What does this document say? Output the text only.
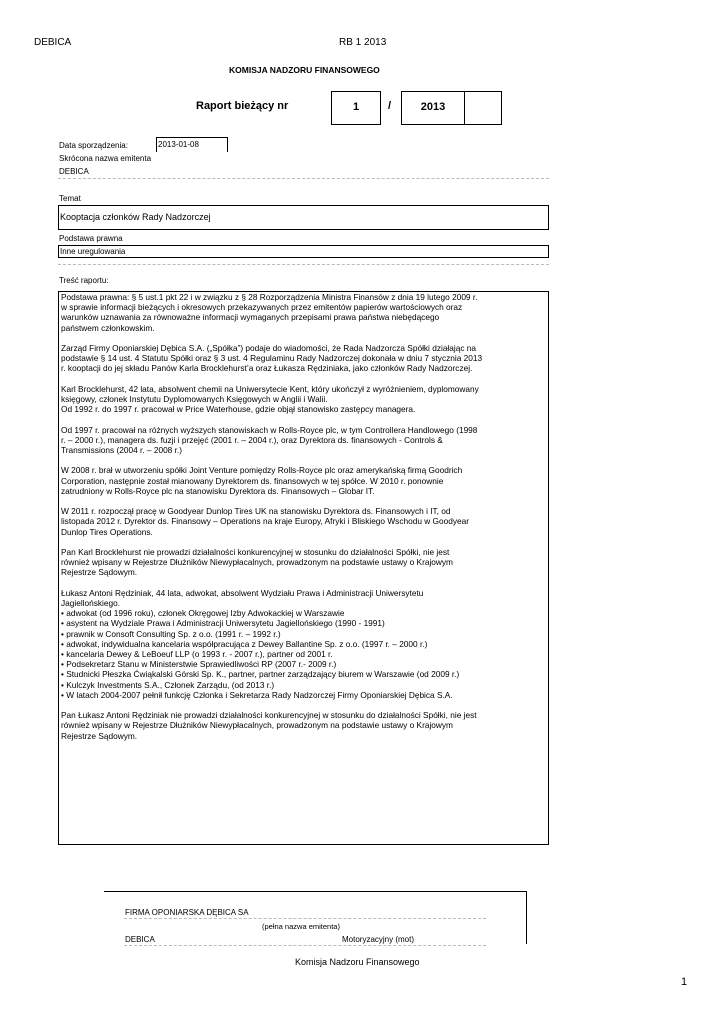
DEBICA	RB 1 2013
KOMISJA NADZORU FINANSOWEGO
Raport bieżący nr	1	/	2013
Data sporządzenia:	2013-01-08
Skrócona nazwa emitenta
DEBICA
Temat
Kooptacja członków Rady Nadzorczej
Podstawa prawna
Inne uregulowania
Treść raportu:

Podstawa prawna: § 5 ust.1 pkt 22 i w związku z § 28 Rozporządzenia Ministra Finansów z dnia 19 lutego 2009 r.
w sprawie informacji bieżących i okresowych przekazywanych przez emitentów papierów wartościowych oraz
warunków uznawania za równoważne informacji wymaganych przepisami prawa państwa niebędącego
państwem członkowskim.

Zarząd Firmy Oponiarskiej Dębica S.A. („Spółka”) podaje do wiadomości, że Rada Nadzorcza Spółki działając na
podstawie § 14 ust. 4 Statutu Spółki oraz § 3 ust. 4 Regulaminu Rady Nadzorczej dokonała w dniu 7 stycznia 2013
r. kooptacji do jej składu Panów Karla Brocklehurst’a oraz Łukasza Rędziniaka, jako członków Rady Nadzorczej.

Karl Brocklehurst, 42 lata, absolwent chemii na Uniwersytecie Kent, który ukończył z wyróżnieniem, dyplomowany
księgowy, członek Instytutu Dyplomowanych Księgowych w Anglii i Walii.
Od 1992 r. do 1997 r. pracował w Price Waterhouse, gdzie objął stanowisko zastępcy managera.

Od 1997 r. pracował na różnych wyższych stanowiskach w Rolls-Royce plc, w tym Controllera Handlowego (1998
r. – 2000 r.), managera ds. fuzji i przejęć (2001 r. – 2004 r.), oraz Dyrektora ds. finansowych - Controls &
Transmissions (2004 r. – 2008 r.)

W 2008 r. brał w utworzeniu spółki Joint Venture pomiędzy Rolls-Royce plc oraz amerykańską firmą Goodrich
Corporation, następnie został mianowany Dyrektorem ds. finansowych w tej spółce. W 2010 r. ponownie
zatrudniony w Rolls-Royce plc na stanowisku Dyrektora ds. Finansowych – Globar IT.

W 2011 r. rozpoczął pracę w Goodyear Dunlop Tires UK na stanowisku Dyrektora ds. Finansowych i IT, od
listopada 2012 r. Dyrektor ds. Finansowy – Operations na kraje Europy, Afryki i Bliskiego Wschodu w Goodyear
Dunlop Tires Operations.

Pan Karl Brocklehurst nie prowadzi działalności konkurencyjnej w stosunku do działalności Spółki, nie jest
również wpisany w Rejestrze Dłużników Niewypłacalnych, prowadzonym na podstawie ustawy o Krajowym
Rejestrze Sądowym.

Łukasz Antoni Rędziniak, 44 lata, adwokat, absolwent Wydziału Prawa i Administracji Uniwersytetu
Jagiellońskiego.
• adwokat (od 1996 roku), członek Okręgowej Izby Adwokackiej w Warszawie
• asystent na Wydziale Prawa i Administracji Uniwersytetu Jagiellońskiego (1990 - 1991)
• prawnik w Consoft Consulting Sp. z o.o. (1991 r. – 1992 r.)
• adwokat, indywidualna kancelaria współpracująca z Dewey Ballantine Sp. z o.o. (1997 r. – 2000 r.)
• kancelaria Dewey & LeBoeuf LLP (o 1993 r. - 2007 r.), partner od 2001 r.
• Podsekretarz Stanu w Ministerstwie Sprawiedliwości RP (2007 r.- 2009 r.)
• Studnicki Płeszka Ćwiąkalski Górski Sp. K., partner, partner zarządzający biurem w Warszawie (od 2009 r.)
• Kulczyk Investments S.A., Członek Zarządu, (od 2013 r.)
• W latach 2004-2007 pełnił funkcję Członka i Sekretarza Rady Nadzorczej Firmy Oponiarskiej Dębica S.A.

Pan Łukasz Antoni Rędziniak nie prowadzi działalności konkurencyjnej w stosunku do działalności Spółki, nie jest
również wpisany w Rejestrze Dłużników Niewypłacalnych, prowadzonym na podstawie ustawy o Krajowym
Rejestrze Sądowym.

FIRMA OPONIARSKA DĘBICA SA
(pełna nazwa emitenta)
DEBICA	Motoryzacyjny (mot)
Komisja Nadzoru Finansowego
1
